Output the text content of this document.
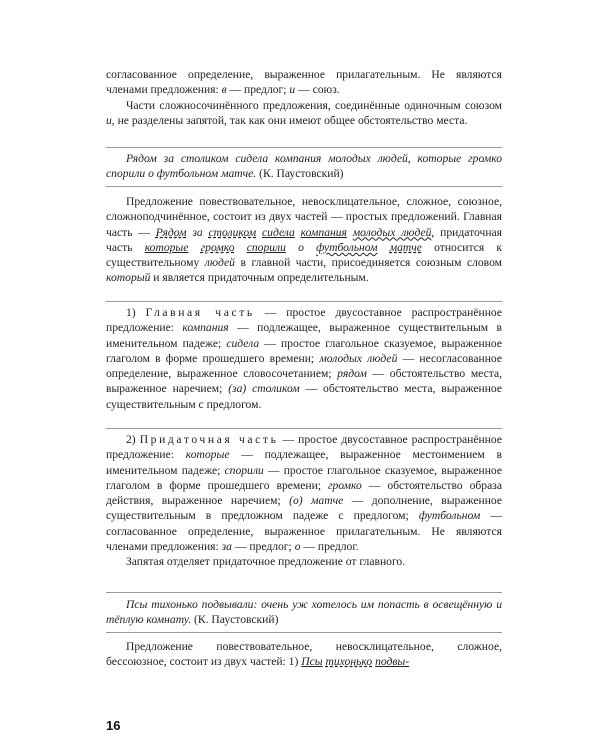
согласованное определение, выраженное прилагательным. Не являются членами предложения: в — предлог; и — союз.

Части сложносочинённого предложения, соединённые одиночным союзом и, не разделены запятой, так как они имеют общее обстоятельство места.

Рядом за столиком сидела компания молодых людей, которые громко спорили о футбольном матче. (К. Паустовский)

Предложение повествовательное, невосклицательное, сложное, союзное, сложноподчинённое, состоит из двух частей — простых предложений. Главная часть — Рядом за столиком сидела компания молодых людей, придаточная часть которые громко спорили о футбольном матче относится к существительному людей в главной части, присоединяется союзным словом который и является придаточным определительным.

1) Главная часть — простое двусоставное распространённое предложение: компания — подлежащее, выраженное существительным в именительном падеже; сидела — простое глагольное сказуемое, выраженное глаголом в форме прошедшего времени; молодых людей — несогласованное определение, выраженное словосочетанием; рядом — обстоятельство места, выраженное наречием; (за) столиком — обстоятельство места, выраженное существительным с предлогом.

2) Придаточная часть — простое двусоставное распространённое предложение: которые — подлежащее, выраженное местоимением в именительном падеже; спорили — простое глагольное сказуемое, выраженное глаголом в форме прошедшего времени; громко — обстоятельство образа действия, выраженное наречием; (о) матче — дополнение, выраженное существительным в предложном падеже с предлогом; футбольном — согласованное определение, выраженное прилагательным. Не являются членами предложения: за — предлог; о — предлог.

Запятая отделяет придаточное предложение от главного.

Псы тихонько подвывали: очень уж хотелось им попасть в освещённую и тёплую комнату. (К. Паустовский)

Предложение повествовательное, невосклицательное, сложное, бессоюзное, состоит из двух частей: 1) Псы тихонько подвы-

16
